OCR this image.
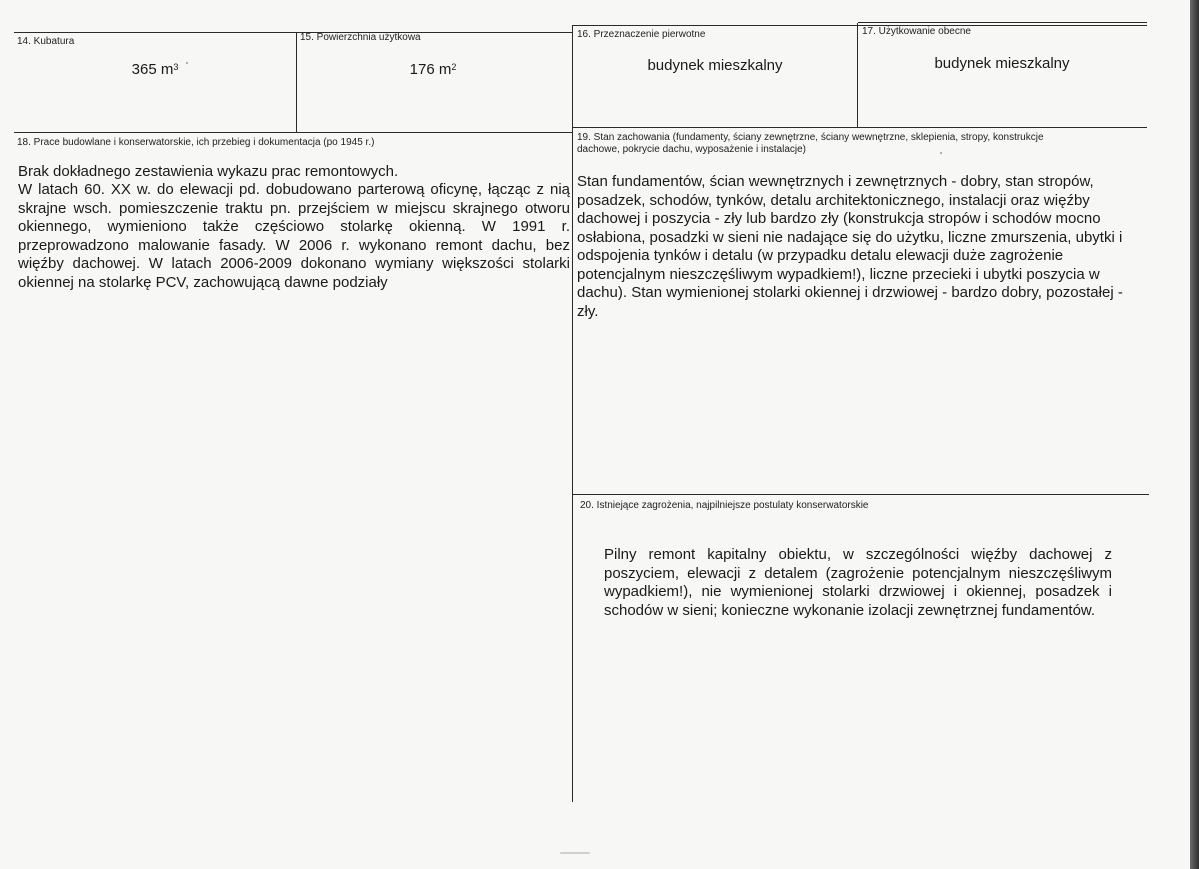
14. Kubatura
365 $m^3$
15. Powierzchnia użytkowa
176 $m^2$
16. Przeznaczenie pierwotne
budynek mieszkalny
17. Użytkowanie obecne
budynek mieszkalny
18. Prace budowlane i konserwatorskie, ich przebieg i dokumentacja (po 1945 r.)
Brak dokładnego zestawienia wykazu prac remontowych.
W latach 60. XX w. do elewacji pd. dobudowano parterową oficynę, łącząc z nią skrajne wsch. pomieszczenie traktu pn. przejściem w miejscu skrajnego otworu okiennego, wymieniono także częściowo stolarkę okienną. W 1991 r. przeprowadzono malowanie fasady. W 2006 r. wykonano remont dachu, bez więźby dachowej. W latach 2006-2009 dokonano wymiany większości stolarki okiennej na stolarkę PCV, zachowującą dawne podziały
19. Stan zachowania (fundamenty, ściany zewnętrzne, ściany wewnętrzne, sklepienia, stropy, konstrukcje dachowe, pokrycie dachu, wyposażenie i instalacje)
Stan fundamentów, ścian wewnętrznych i zewnętrznych - dobry, stan stropów, posadzek, schodów, tynków, detalu architektonicznego, instalacji oraz więźby dachowej i poszycia - zły lub bardzo zły (konstrukcja stropów i schodów mocno osłabiona, posadzki w sieni nie nadające się do użytku, liczne zmurszenia, ubytki i odspojenia tynków i detalu (w przypadku detalu elewacji duże zagrożenie potencjalnym nieszczęśliwym wypadkiem!), liczne przecieki i ubytki poszycia w dachu). Stan wymienionej stolarki okiennej i drzwiowej - bardzo dobry, pozostałej - zły.
20. Istniejące zagrożenia, najpilniejsze postulaty konserwatorskie
Pilny remont kapitalny obiektu, w szczególności więźby dachowej z poszyciem, elewacji z detalem (zagrożenie potencjalnym nieszczęśliwym wypadkiem!), nie wymienionej stolarki drzwiowej i okiennej, posadzek i schodów w sieni; konieczne wykonanie izolacji zewnętrznej fundamentów.
